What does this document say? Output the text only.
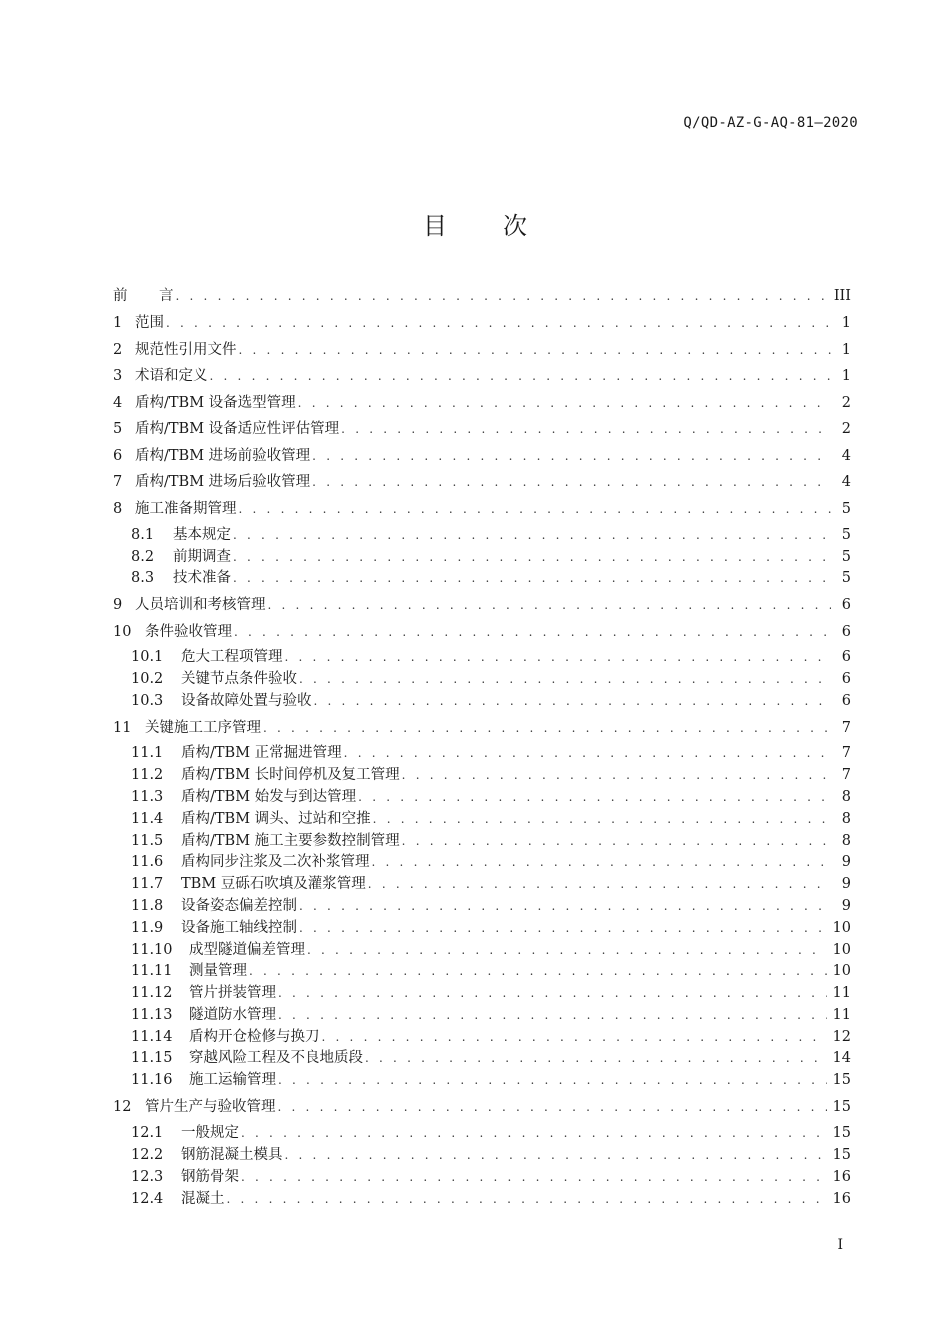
Q/QD-AZ-G-AQ-81—2020
目 次
前	言 . . .	III
1 范围 . . .	1
2 规范性引用文件 . . .	1
3 术语和定义 . . .	1
4 盾构/TBM 设备选型管理 . . .	2
5 盾构/TBM 设备适应性评估管理 . . .	2
6 盾构/TBM 进场前验收管理 . . .	4
7 盾构/TBM 进场后验收管理 . . .	4
8 施工准备期管理 . . .	5
8.1	基本规定 . . .	5
8.2	前期调查 . . .	5
8.3	技术准备 . . .	5
9 人员培训和考核管理 . . .	6
10 条件验收管理 . . .	6
10.1	危大工程项管理 . . .	6
10.2	关键节点条件验收 . . .	6
10.3	设备故障处置与验收 . . .	6
11 关键施工工序管理 . . .	7
11.1	盾构/TBM 正常掘进管理 . . .	7
11.2	盾构/TBM 长时间停机及复工管理 . . .	7
11.3	盾构/TBM 始发与到达管理 . . .	8
11.4	盾构/TBM 调头、过站和空推 . . .	8
11.5	盾构/TBM 施工主要参数控制管理 . . .	8
11.6	盾构同步注浆及二次补浆管理 . . .	9
11.7	TBM 豆砾石吹填及灌浆管理 . . .	9
11.8	设备姿态偏差控制 . . .	9
11.9	设备施工轴线控制 . . .	10
11.10	成型隧道偏差管理 . . .	10
11.11	测量管理 . . .	10
11.12	管片拼装管理 . . .	11
11.13	隧道防水管理 . . .	11
11.14	盾构开仓检修与换刀 . . .	12
11.15	穿越风险工程及不良地质段 . . .	14
11.16	施工运输管理 . . .	15
12 管片生产与验收管理 . . .	15
12.1	一般规定 . . .	15
12.2	钢筋混凝土模具 . . .	15
12.3	钢筋骨架 . . .	16
12.4	混凝土 . . .	16
I
